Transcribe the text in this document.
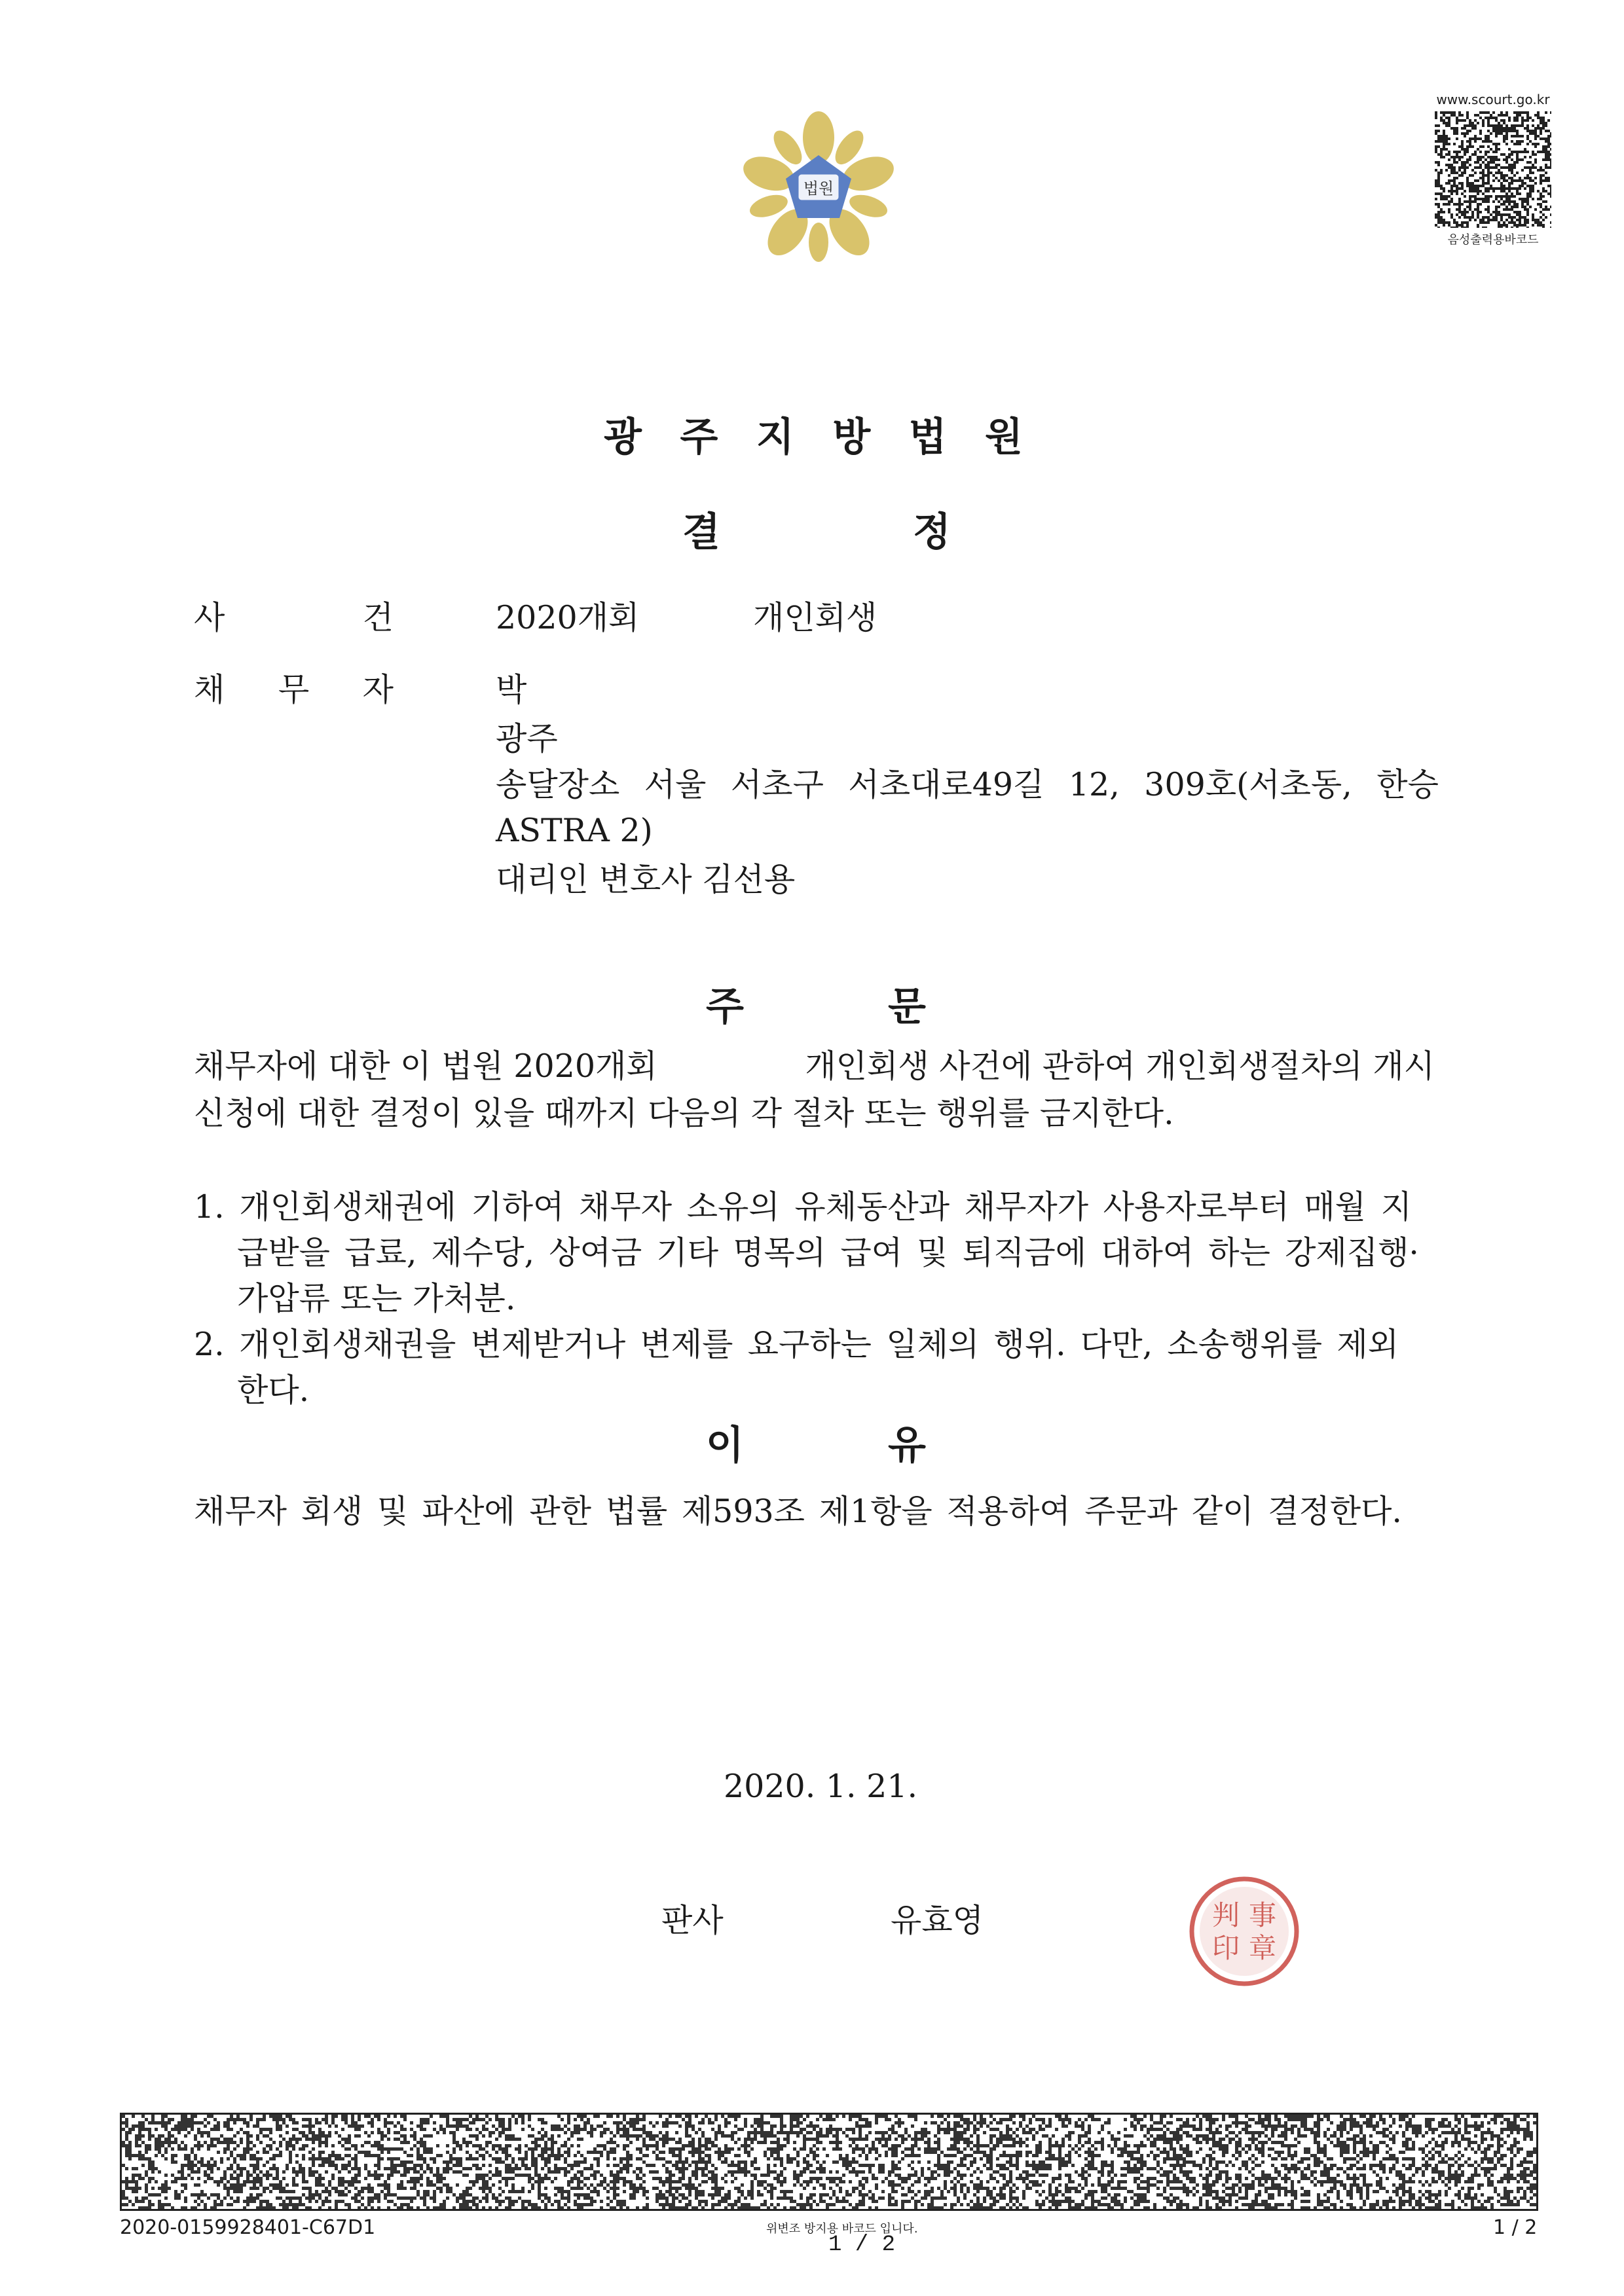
법원
www.scourt.go.kr
음성출력용바코드
광 주 지 방 법 원
결	정
사	건	2020개회	개인회생
채 무 자	박
광주
송달장소 서울 서초구 서초대로49길 12, 309호(서초동, 한승
ASTRA 2)
대리인 변호사 김선용
주	문
채무자에 대한 이 법원 2020개회	개인회생 사건에 관하여 개인회생절차의 개시
신청에 대한 결정이 있을 때까지 다음의 각 절차 또는 행위를 금지한다.
1. 개인회생채권에 기하여 채무자 소유의 유체동산과 채무자가 사용자로부터 매월 지
급받을 급료, 제수당, 상여금 기타 명목의 급여 및 퇴직금에 대하여 하는 강제집행·
가압류 또는 가처분.
2. 개인회생채권을 변제받거나 변제를 요구하는 일체의 행위. 다만, 소송행위를 제외
한다.
이	유
채무자 회생 및 파산에 관한 법률 제593조 제1항을 적용하여 주문과 같이 결정한다.
2020. 1. 21.
판사	유효영	判 事
印 章
2020-0159928401-C67D1	위변조 방지용 바코드 입니다.
1 / 2
1 / 2
